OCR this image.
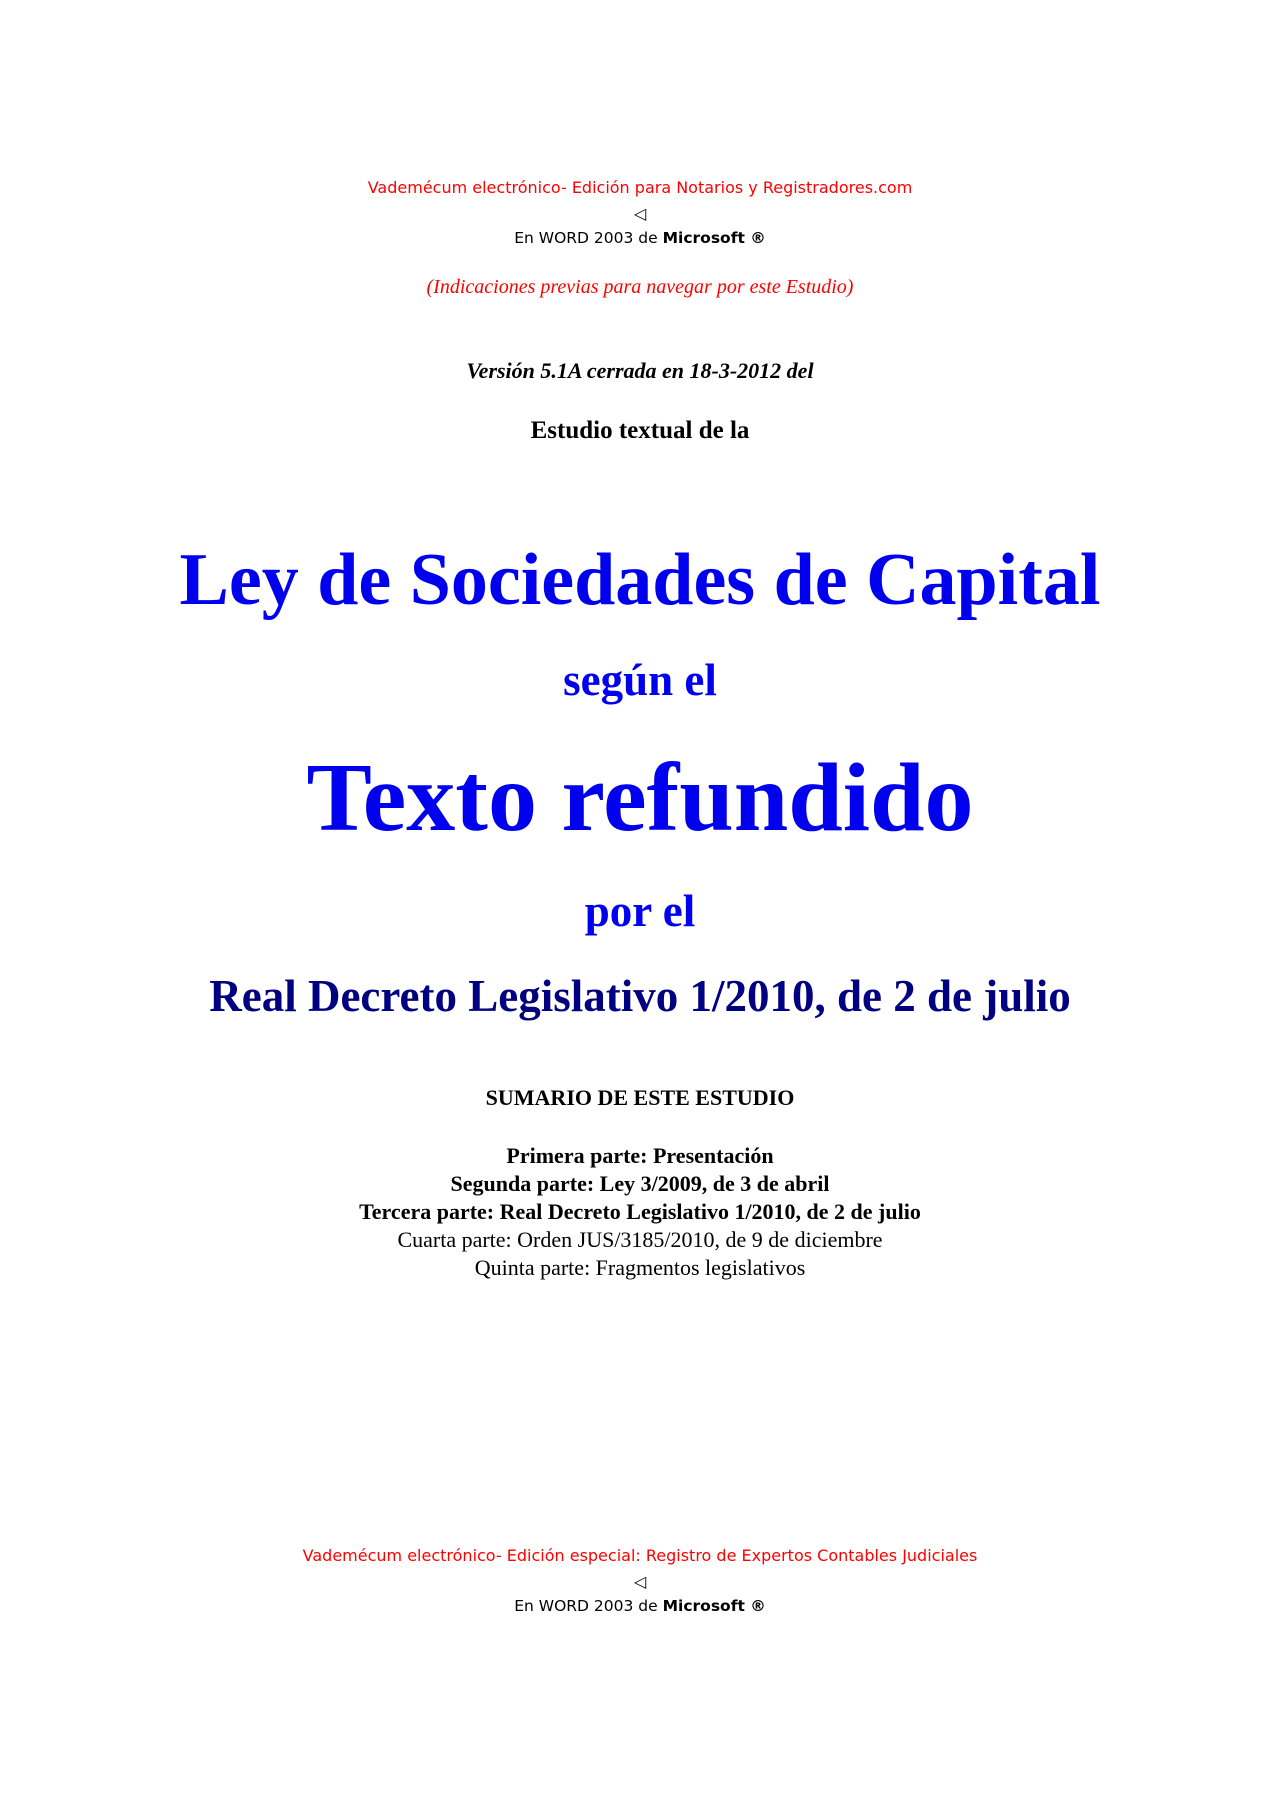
Vademécum electrónico- Edición para Notarios y Registradores.com
◁
En WORD 2003 de Microsoft ®
(Indicaciones previas para navegar por este Estudio)
Versión 5.1A cerrada en 18-3-2012 del
Estudio textual de la
Ley de Sociedades de Capital
según el
Texto refundido
por el
Real Decreto Legislativo 1/2010, de 2 de julio
SUMARIO DE ESTE ESTUDIO
Primera parte: Presentación
Segunda parte: Ley 3/2009, de 3 de abril
Tercera parte: Real Decreto Legislativo 1/2010, de 2 de julio
Cuarta parte: Orden JUS/3185/2010, de 9 de diciembre
Quinta parte: Fragmentos legislativos
Vademécum electrónico- Edición especial: Registro de Expertos Contables Judiciales
◁
En WORD 2003 de Microsoft ®
